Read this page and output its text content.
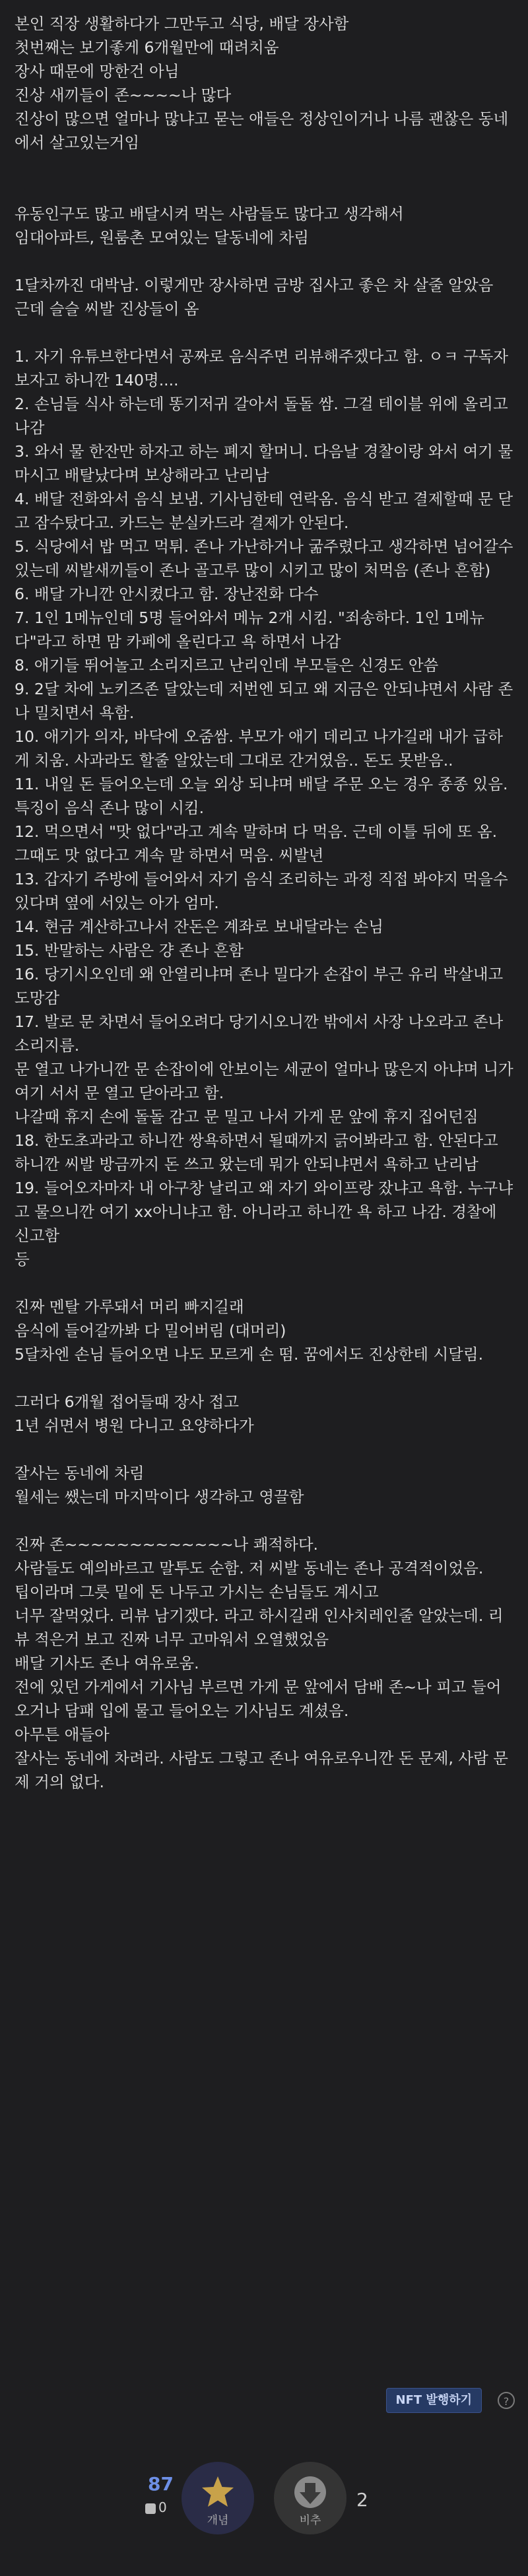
본인 직장 생활하다가 그만두고 식당, 배달 장사함

첫번째는 보기좋게 6개월만에 때려치움

장사 때문에 망한건 아님

진상 새끼들이 존~~~~나 많다

진상이 많으면 얼마나 많냐고 묻는 애들은 정상인이거나 나름 괜찮은 동네에서 살고있는거임

유동인구도 많고 배달시켜 먹는 사람들도 많다고 생각해서

임대아파트, 원룸촌 모여있는 달동네에 차림

1달차까진 대박남. 이렇게만 장사하면 금방 집사고 좋은 차 살줄 알았음

근데 슬슬 씨발 진상들이 옴

1. 자기 유튜브한다면서 공짜로 음식주면 리뷰해주겠다고 함. ㅇㅋ 구독자 보자고 하니깐 140명....

2. 손님들 식사 하는데 똥기저귀 갈아서 돌돌 쌈. 그걸 테이블 위에 올리고 나감

3. 와서 물 한잔만 하자고 하는 폐지 할머니. 다음날 경찰이랑 와서 여기 물 마시고 배탈났다며 보상해라고 난리남

4. 배달 전화와서 음식 보냄. 기사님한테 연락옴. 음식 받고 결제할때 문 닫고 잠수탔다고. 카드는 분실카드라 결제가 안된다.

5. 식당에서 밥 먹고 먹튀. 존나 가난하거나 굶주렸다고 생각하면 넘어갈수있는데 씨발새끼들이 존나 골고루 많이 시키고 많이 처먹음 (존나 흔함)

6. 배달 가니깐 안시켰다고 함. 장난전화 다수

7. 1인 1메뉴인데 5명 들어와서 메뉴 2개 시킴. "죄송하다. 1인 1메뉴다"라고 하면 맘 카페에 올린다고 욕 하면서 나감

8. 애기들 뛰어놀고 소리지르고 난리인데 부모들은 신경도 안씀

9. 2달 차에 노키즈존 달았는데 저번엔 되고 왜 지금은 안되냐면서 사람 존나 밀치면서 욕함.

10. 애기가 의자, 바닥에 오줌쌈. 부모가 애기 데리고 나가길래 내가 급하게 치움. 사과라도 할줄 알았는데 그대로 간거였음.. 돈도 못받음..

11. 내일 돈 들어오는데 오늘 외상 되냐며 배달 주문 오는 경우 종종 있음. 특징이 음식 존나 많이 시킴.

12. 먹으면서 "맛 없다"라고 계속 말하며 다 먹음. 근데 이틀 뒤에 또 옴. 그때도 맛 없다고 계속 말 하면서 먹음. 씨발년

13. 갑자기 주방에 들어와서 자기 음식 조리하는 과정 직접 봐야지 먹을수있다며 옆에 서있는 아가 엄마.

14. 현금 계산하고나서 잔돈은 계좌로 보내달라는 손님

15. 반말하는 사람은 걍 존나 흔함

16. 당기시오인데 왜 안열리냐며 존나 밀다가 손잡이 부근 유리 박살내고 도망감

17. 발로 문 차면서 들어오려다 당기시오니깐 밖에서 사장 나오라고 존나 소리지름.

문 열고 나가니깐 문 손잡이에 안보이는 세균이 얼마나 많은지 아냐며 니가 여기 서서 문 열고 닫아라고 함.

나갈때 휴지 손에 돌돌 감고 문 밀고 나서 가게 문 앞에 휴지 집어던짐

18. 한도초과라고 하니깐 쌍욕하면서 될때까지 긁어봐라고 함. 안된다고 하니깐 씨발 방금까지 돈 쓰고 왔는데 뭐가 안되냐면서 욕하고 난리남

19. 들어오자마자 내 아구창 날리고 왜 자기 와이프랑 잤냐고 욕함. 누구냐고 물으니깐 여기 xx아니냐고 함. 아니라고 하니깐 욕 하고 나감. 경찰에 신고함

등

진짜 멘탈 가루돼서 머리 빠지길래

음식에 들어갈까봐 다 밀어버림 (대머리)

5달차엔 손님 들어오면 나도 모르게 손 떰. 꿈에서도 진상한테 시달림.

그러다 6개월 접어들때 장사 접고

1년 쉬면서 병원 다니고 요양하다가

잘사는 동네에 차림

월세는 쌨는데 마지막이다 생각하고 영끌함

진짜 존~~~~~~~~~~~~~나 쾌적하다.

사람들도 예의바르고 말투도 순함. 저 씨발 동네는 존나 공격적이었음.

팁이라며 그릇 밑에 돈 나두고 가시는 손님들도 계시고

너무 잘먹었다. 리뷰 남기겠다. 라고 하시길래 인사치레인줄 알았는데. 리뷰 적은거 보고 진짜 너무 고마워서 오열했었음

배달 기사도 존나 여유로움.

전에 있던 가게에서 기사님 부르면 가게 문 앞에서 담배 존~나 피고 들어오거나 담패 입에 물고 들어오는 기사님도 계셨음.

아무튼 애들아

잘사는 동네에 차려라. 사람도 그렇고 존나 여유로우니깐 돈 문제, 사람 문제 거의 없다.

NFT 발행하기	?
87
0
개념	비추
2
